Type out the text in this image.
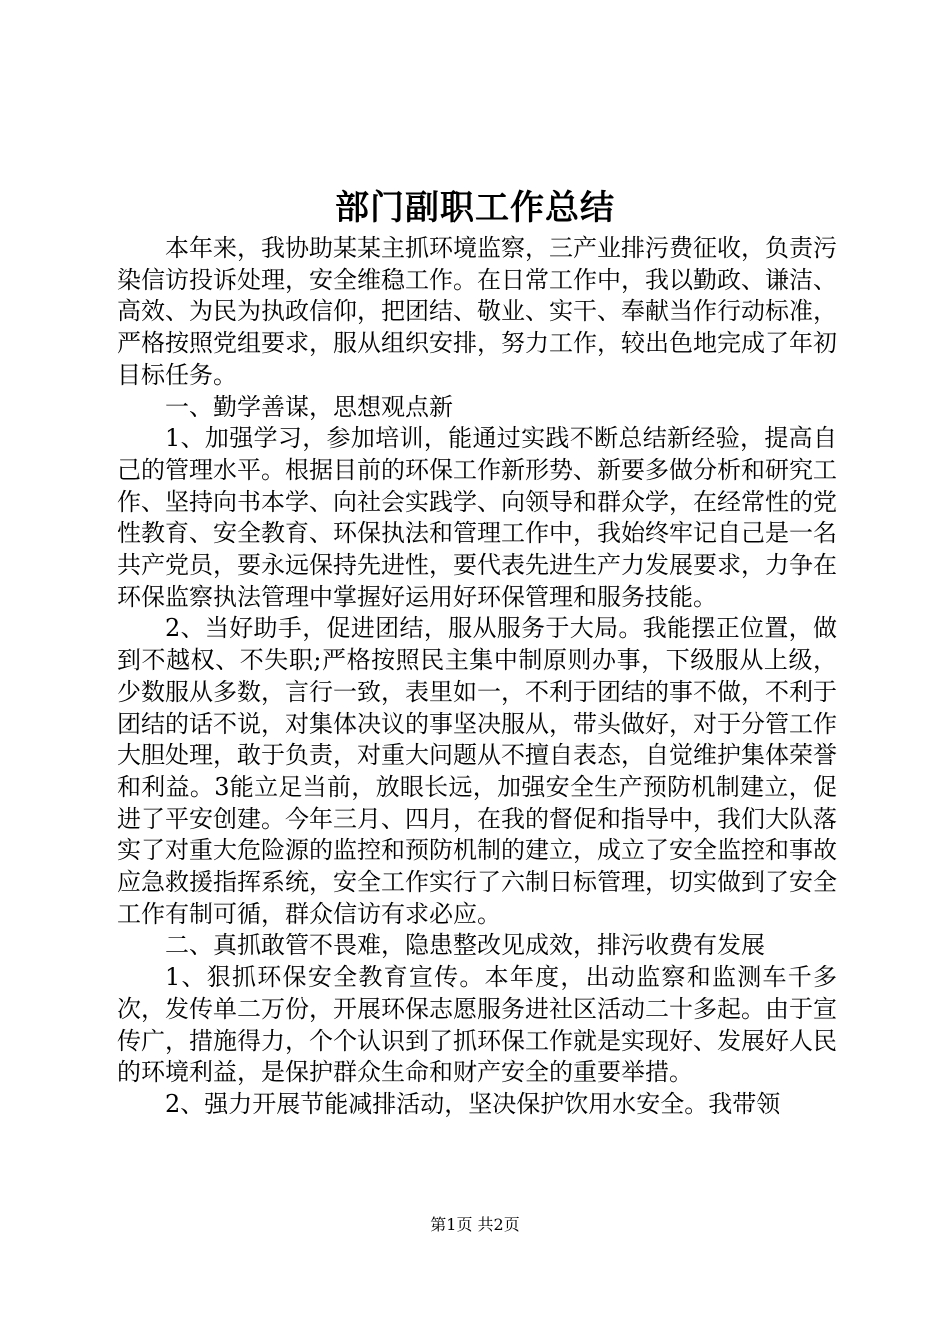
部门副职工作总结

本年来，我协助某某主抓环境监察，三产业排污费征收，负责污染信访投诉处理，安全维稳工作。在日常工作中，我以勤政、谦洁、高效、为民为执政信仰，把团结、敬业、实干、奉献当作行动标准，严格按照党组要求，服从组织安排，努力工作，较出色地完成了年初目标任务。

一、勤学善谋，思想观点新

1、加强学习，参加培训，能通过实践不断总结新经验，提高自己的管理水平。根据目前的环保工作新形势、新要多做分析和研究工作、坚持向书本学、向社会实践学、向领导和群众学，在经常性的党性教育、安全教育、环保执法和管理工作中，我始终牢记自己是一名共产党员，要永远保持先进性，要代表先进生产力发展要求，力争在环保监察执法管理中掌握好运用好环保管理和服务技能。

2、当好助手，促进团结，服从服务于大局。我能摆正位置，做到不越权、不失职;严格按照民主集中制原则办事，下级服从上级，少数服从多数，言行一致，表里如一，不利于团结的事不做，不利于团结的话不说，对集体决议的事坚决服从，带头做好，对于分管工作大胆处理，敢于负责，对重大问题从不擅自表态，自觉维护集体荣誉和利益。3能立足当前，放眼长远，加强安全生产预防机制建立，促进了平安创建。今年三月、四月，在我的督促和指导中，我们大队落实了对重大危险源的监控和预防机制的建立，成立了安全监控和事故应急救援指挥系统，安全工作实行了六制日标管理，切实做到了安全工作有制可循，群众信访有求必应。

二、真抓敢管不畏难，隐患整改见成效，排污收费有发展

1、狠抓环保安全教育宣传。本年度，出动监察和监测车千多次，发传单二万份，开展环保志愿服务进社区活动二十多起。由于宣传广，措施得力，个个认识到了抓环保工作就是实现好、发展好人民的环境利益，是保护群众生命和财产安全的重要举措。

2、强力开展节能减排活动，坚决保护饮用水安全。我带领

第1页 共2页
